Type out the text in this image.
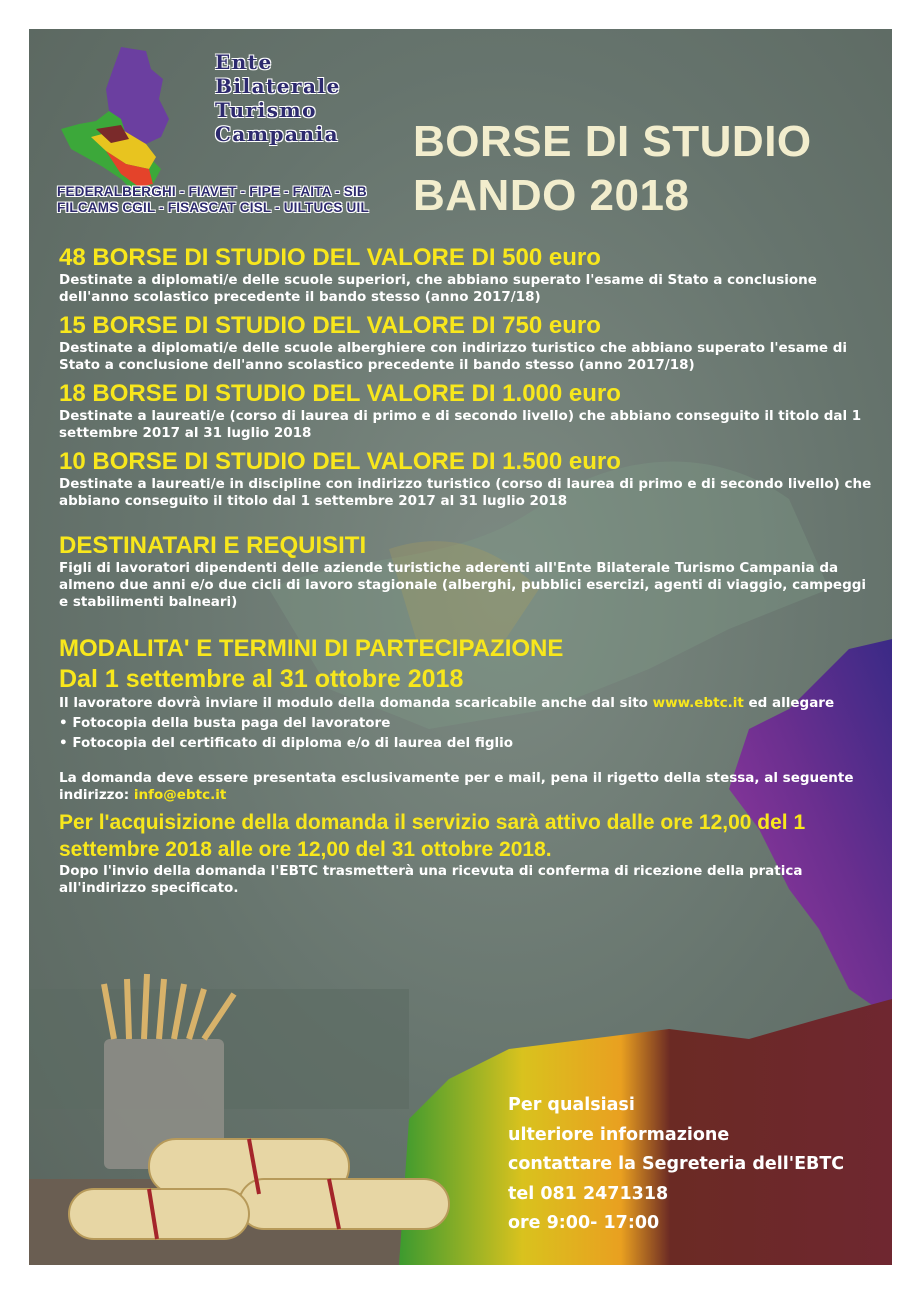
Ente
Bilaterale
Turismo
Campania
FEDERALBERGHI - FIAVET - FIPE - FAITA - SIB
FILCAMS CGIL - FISASCAT CISL - UILTUCS UIL
BORSE DI STUDIO
BANDO 2018

48 BORSE DI STUDIO DEL VALORE DI 500 euro

Destinate a diplomati/e delle scuole superiori, che abbiano superato l'esame di Stato a conclusione dell'anno scolastico precedente il bando stesso (anno 2017/18)

15 BORSE DI STUDIO DEL VALORE DI 750 euro

Destinate a diplomati/e delle scuole alberghiere con indirizzo turistico che abbiano superato l'esame di Stato a conclusione dell'anno scolastico precedente il bando stesso (anno 2017/18)

18 BORSE DI STUDIO DEL VALORE DI 1.000 euro

Destinate a laureati/e (corso di laurea di primo e di secondo livello) che abbiano conseguito il titolo dal 1 settembre 2017 al 31 luglio 2018

10 BORSE DI STUDIO DEL VALORE DI 1.500 euro

Destinate a laureati/e in discipline con indirizzo turistico (corso di laurea di primo e di secondo livello) che abbiano conseguito il titolo dal 1 settembre 2017 al 31 luglio 2018

DESTINATARI E REQUISITI

Figli di lavoratori dipendenti delle aziende turistiche aderenti all'Ente Bilaterale Turismo Campania da almeno due anni e/o due cicli di lavoro stagionale (alberghi, pubblici esercizi, agenti di viaggio, campeggi e stabilimenti balneari)

MODALITA' E TERMINI DI PARTECIPAZIONE

Dal 1 settembre al 31 ottobre 2018

Il lavoratore dovrà inviare il modulo della domanda scaricabile anche dal sito www.ebtc.it ed allegare

• Fotocopia della busta paga del lavoratore

• Fotocopia del certificato di diploma e/o di laurea del figlio

La domanda deve essere presentata esclusivamente per e mail, pena il rigetto della stessa, al seguente indirizzo: info@ebtc.it

Per l'acquisizione della domanda il servizio sarà attivo dalle ore 12,00 del 1 settembre 2018 alle ore 12,00 del 31 ottobre 2018.

Dopo l'invio della domanda l'EBTC trasmetterà una ricevuta di conferma di ricezione della pratica all'indirizzo specificato.

Per qualsiasi
ulteriore informazione
contattare la Segreteria dell'EBTC
tel 081 2471318
ore 9:00- 17:00
